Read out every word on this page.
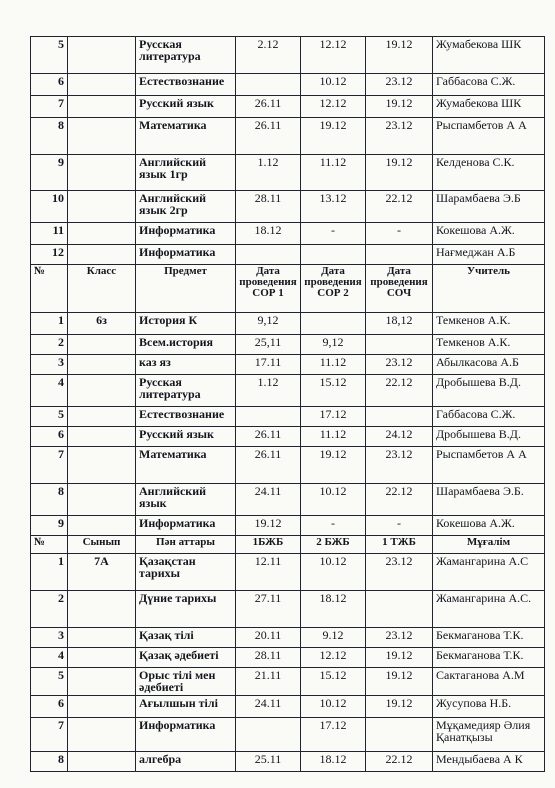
5		Русская литература	2.12	12.12	19.12	Жумабекова ШК
6		Естествознание		10.12	23.12	Габбасова С.Ж.
7		Русский язык	26.11	12.12	19.12	Жумабекова ШК
8		Математика	26.11	19.12	23.12	Рыспамбетов А А
9		Английский язык 1гр	1.12	11.12	19.12	Келденова С.К.
10		Английский язык 2гр	28.11	13.12	22.12	Шарамбаева Э.Б
11		Информатика	18.12	-	-	Кокешова А.Ж.
12		Информатика				Нағмеджан А.Б
№	Класс	Предмет	Дата проведения СОР 1	Дата проведения СОР 2	Дата проведения СОЧ	Учитель
1	6з	История К	9,12		18,12	Темкенов А.К.
2		Всем.история	25,11	9,12		Темкенов А.К.
3		каз яз	17.11	11.12	23.12	Абылкасова А.Б
4		Русская литература	1.12	15.12	22.12	Дробышева В.Д.
5		Естествознание		17.12		Габбасова С.Ж.
6		Русский язык	26.11	11.12	24.12	Дробышева В.Д.
7		Математика	26.11	19.12	23.12	Рыспамбетов А А
8		Английский язык	24.11	10.12	22.12	Шарамбаева Э.Б.
9		Информатика	19.12	-	-	Кокешова А.Ж.
№	Сынып	Пән аттары	1БЖБ	2 БЖБ	1 ТЖБ	Мұғалім
1	7А	Қазақстан тарихы	12.11	10.12	23.12	Жамангарина А.С
2		Дүние тарихы	27.11	18.12		Жамангарина А.С.
3		Қазақ тілі	20.11	9.12	23.12	Бекмаганова Т.К.
4		Қазақ әдебиеті	28.11	12.12	19.12	Бекмаганова Т.К.
5		Орыс тілі мен әдебиеті	21.11	15.12	19.12	Сактаганова А.М
6		Ағылшын тілі	24.11	10.12	19.12	Жусупова Н.Б.
7		Информатика		17.12		Мұқамедияр Әлия Қанатқызы
8		алгебра	25.11	18.12	22.12	Мендыбаева А К
